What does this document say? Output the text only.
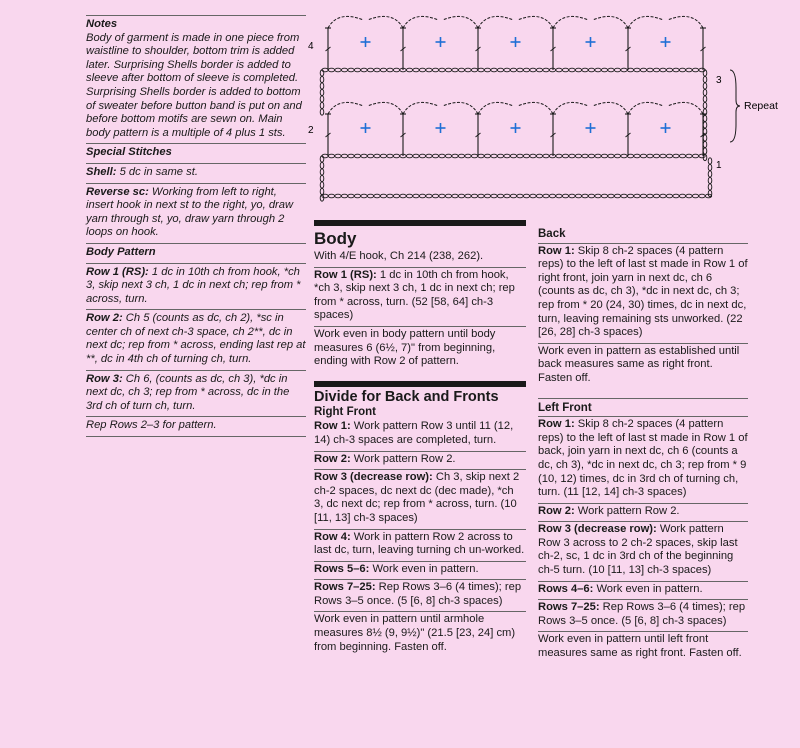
Notes
Body of garment is made in one piece from waistline to shoulder, bottom trim is added later. Surprising Shells border is added to sleeve after bottom of sleeve is completed. Surprising Shells border is added to bottom of sweater before button band is put on and before bottom motifs are sewn on. Main body pattern is a multiple of 4 plus 1 sts.
Special Stitches
Shell: 5 dc in same st.
Reverse sc: Working from left to right, insert hook in next st to the right, yo, draw yarn through st, yo, draw yarn through 2 loops on hook.
Body Pattern
Row 1 (RS): 1 dc in 10th ch from hook, *ch 3, skip next 3 ch, 1 dc in next ch; rep from * across, turn.
Row 2: Ch 5 (counts as dc, ch 2), *sc in center ch of next ch-3 space, ch 2**, dc in next dc; rep from * across, ending last rep at **, dc in 4th ch of turning ch, turn.
Row 3: Ch 6, (counts as dc, ch 3), *dc in next dc, ch 3; rep from * across, dc in the 3rd ch of turn ch, turn.
Rep Rows 2–3 for pattern.
4
3
2
1
Repeat
Body
With 4/E hook, Ch 214 (238, 262).
Row 1 (RS): 1 dc in 10th ch from hook, *ch 3, skip next 3 ch, 1 dc in next ch; rep from * across, turn. (52 [58, 64] ch-3 spaces)
Work even in body pattern until body measures 6 (6½, 7)" from beginning, ending with Row 2 of pattern.
Divide for Back and Fronts
Right Front
Row 1: Work pattern Row 3 until 11 (12, 14) ch-3 spaces are completed, turn.
Row 2: Work pattern Row 2.
Row 3 (decrease row): Ch 3, skip next 2 ch-2 spaces, dc next dc (dec made), *ch 3, dc next dc; rep from * across, turn. (10 [11, 13] ch-3 spaces)
Row 4: Work in pattern Row 2 across to last dc, turn, leaving turning ch un-worked.
Rows 5–6: Work even in pattern.
Rows 7–25: Rep Rows 3–6 (4 times); rep Rows 3–5 once. (5 [6, 8] ch-3 spaces)
Work even in pattern until armhole measures 8½ (9, 9½)" (21.5 [23, 24] cm) from beginning. Fasten off.
Back
Row 1: Skip 8 ch-2 spaces (4 pattern reps) to the left of last st made in Row 1 of right front, join yarn in next dc, ch 6 (counts as dc, ch 3), *dc in next dc, ch 3; rep from * 20 (24, 30) times, dc in next dc, turn, leaving remaining sts unworked. (22 [26, 28] ch-3 spaces)
Work even in pattern as established until back measures same as right front. Fasten off.
Left Front
Row 1: Skip 8 ch-2 spaces (4 pattern reps) to the left of last st made in Row 1 of back, join yarn in next dc, ch 6 (counts a dc, ch 3), *dc in next dc, ch 3; rep from * 9 (10, 12) times, dc in 3rd ch of turning ch, turn. (11 [12, 14] ch-3 spaces)
Row 2: Work pattern Row 2.
Row 3 (decrease row): Work pattern Row 3 across to 2 ch-2 spaces, skip last ch-2, sc, 1 dc in 3rd ch of the beginning ch-5 turn. (10 [11, 13] ch-3 spaces)
Rows 4–6: Work even in pattern.
Rows 7–25: Rep Rows 3–6 (4 times); rep Rows 3–5 once. (5 [6, 8] ch-3 spaces)
Work even in pattern until left front measures same as right front. Fasten off.
